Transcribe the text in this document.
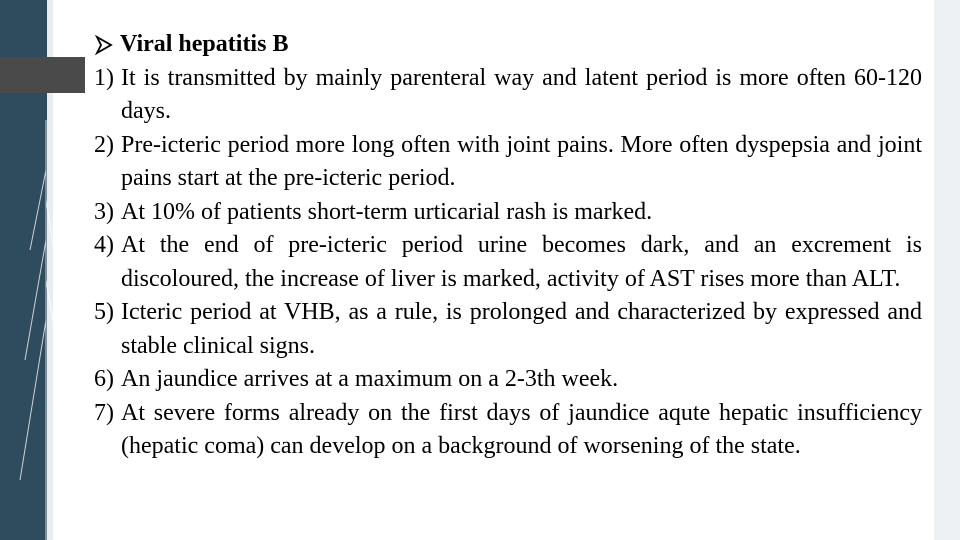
Viral hepatitis B
1) It is transmitted by mainly parenteral way and latent period is more often 60-120 days.
2) Pre-icteric period more long often with joint pains. More often dyspepsia and joint pains start at the pre-icteric period.
3) At 10% of patients short-term urticarial rash is marked.
4) At the end of pre-icteric period urine becomes dark, and an excrement is discoloured, the increase of liver is marked, activity of AST rises more than ALT.
5) Icteric period at VHB, as a rule, is prolonged and characterized by expressed and stable clinical signs.
6) An jaundice arrives at a maximum on a 2-3th week.
7) At severe forms already on the first days of jaundice aqute hepatic insufficiency (hepatic coma) can develop on a background of worsening of the state.
